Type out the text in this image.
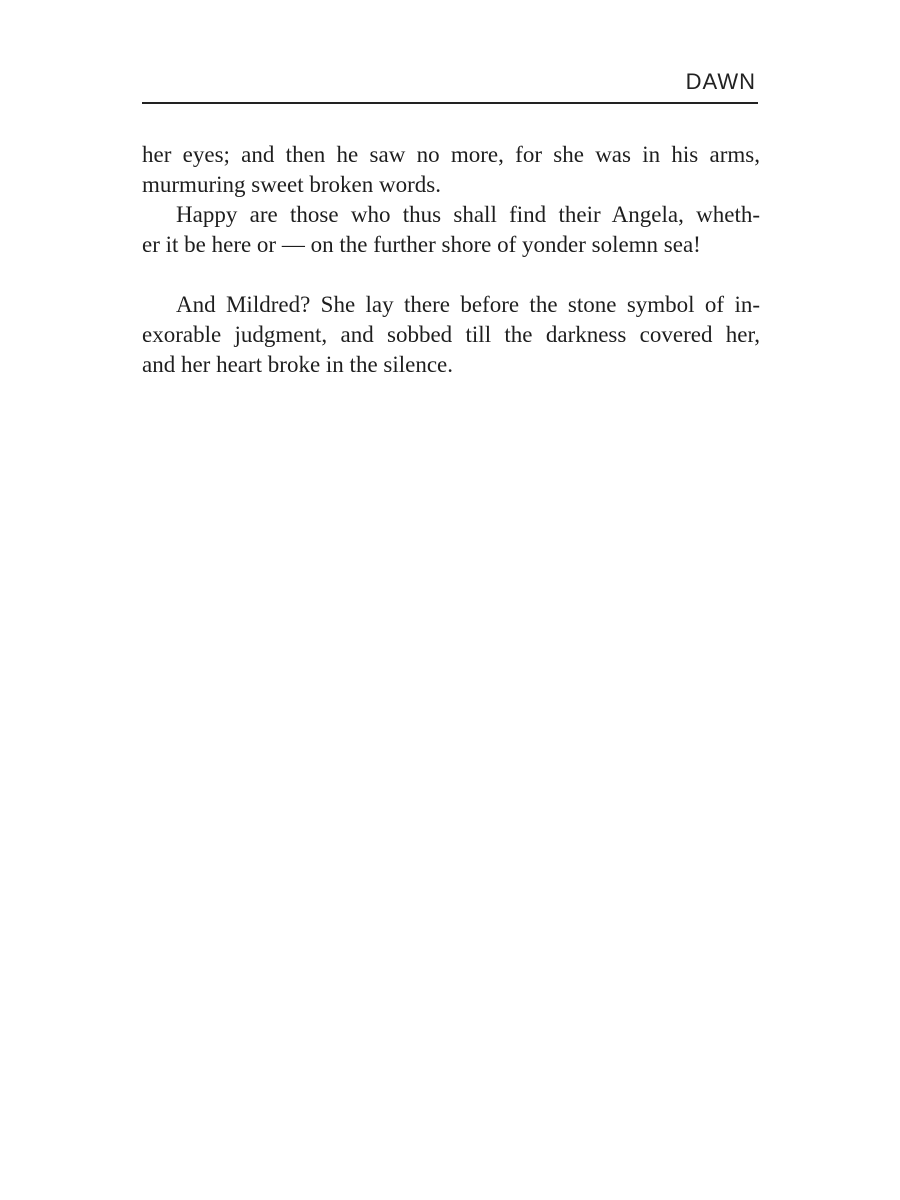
DAWN
her eyes; and then he saw no more, for she was in his arms,
murmuring sweet broken words.
Happy are those who thus shall find their Angela, wheth-
er it be here or — on the further shore of yonder solemn sea!
And Mildred? She lay there before the stone symbol of in-
exorable judgment, and sobbed till the darkness covered her,
and her heart broke in the silence.
